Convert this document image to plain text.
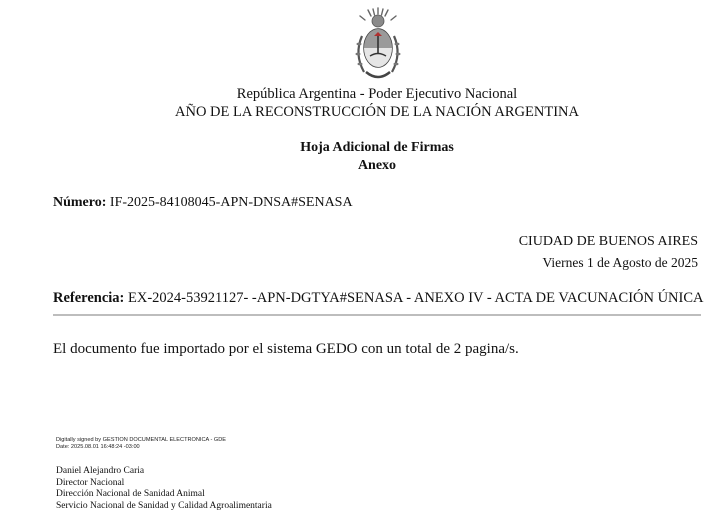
República Argentina - Poder Ejecutivo Nacional
AÑO DE LA RECONSTRUCCIÓN DE LA NACIÓN ARGENTINA
Hoja Adicional de Firmas
Anexo
Número: IF-2025-84108045-APN-DNSA#SENASA
CIUDAD DE BUENOS AIRES
Viernes 1 de Agosto de 2025
Referencia: EX-2024-53921127- -APN-DGTYA#SENASA - ANEXO IV - ACTA DE VACUNACIÓN ÚNICA
El documento fue importado por el sistema GEDO con un total de 2 pagina/s.
Digitally signed by GESTION DOCUMENTAL ELECTRONICA - GDE
Date: 2025.08.01 16:48:24 -03:00
Daniel Alejandro Caria
Director Nacional
Dirección Nacional de Sanidad Animal
Servicio Nacional de Sanidad y Calidad Agroalimentaria
